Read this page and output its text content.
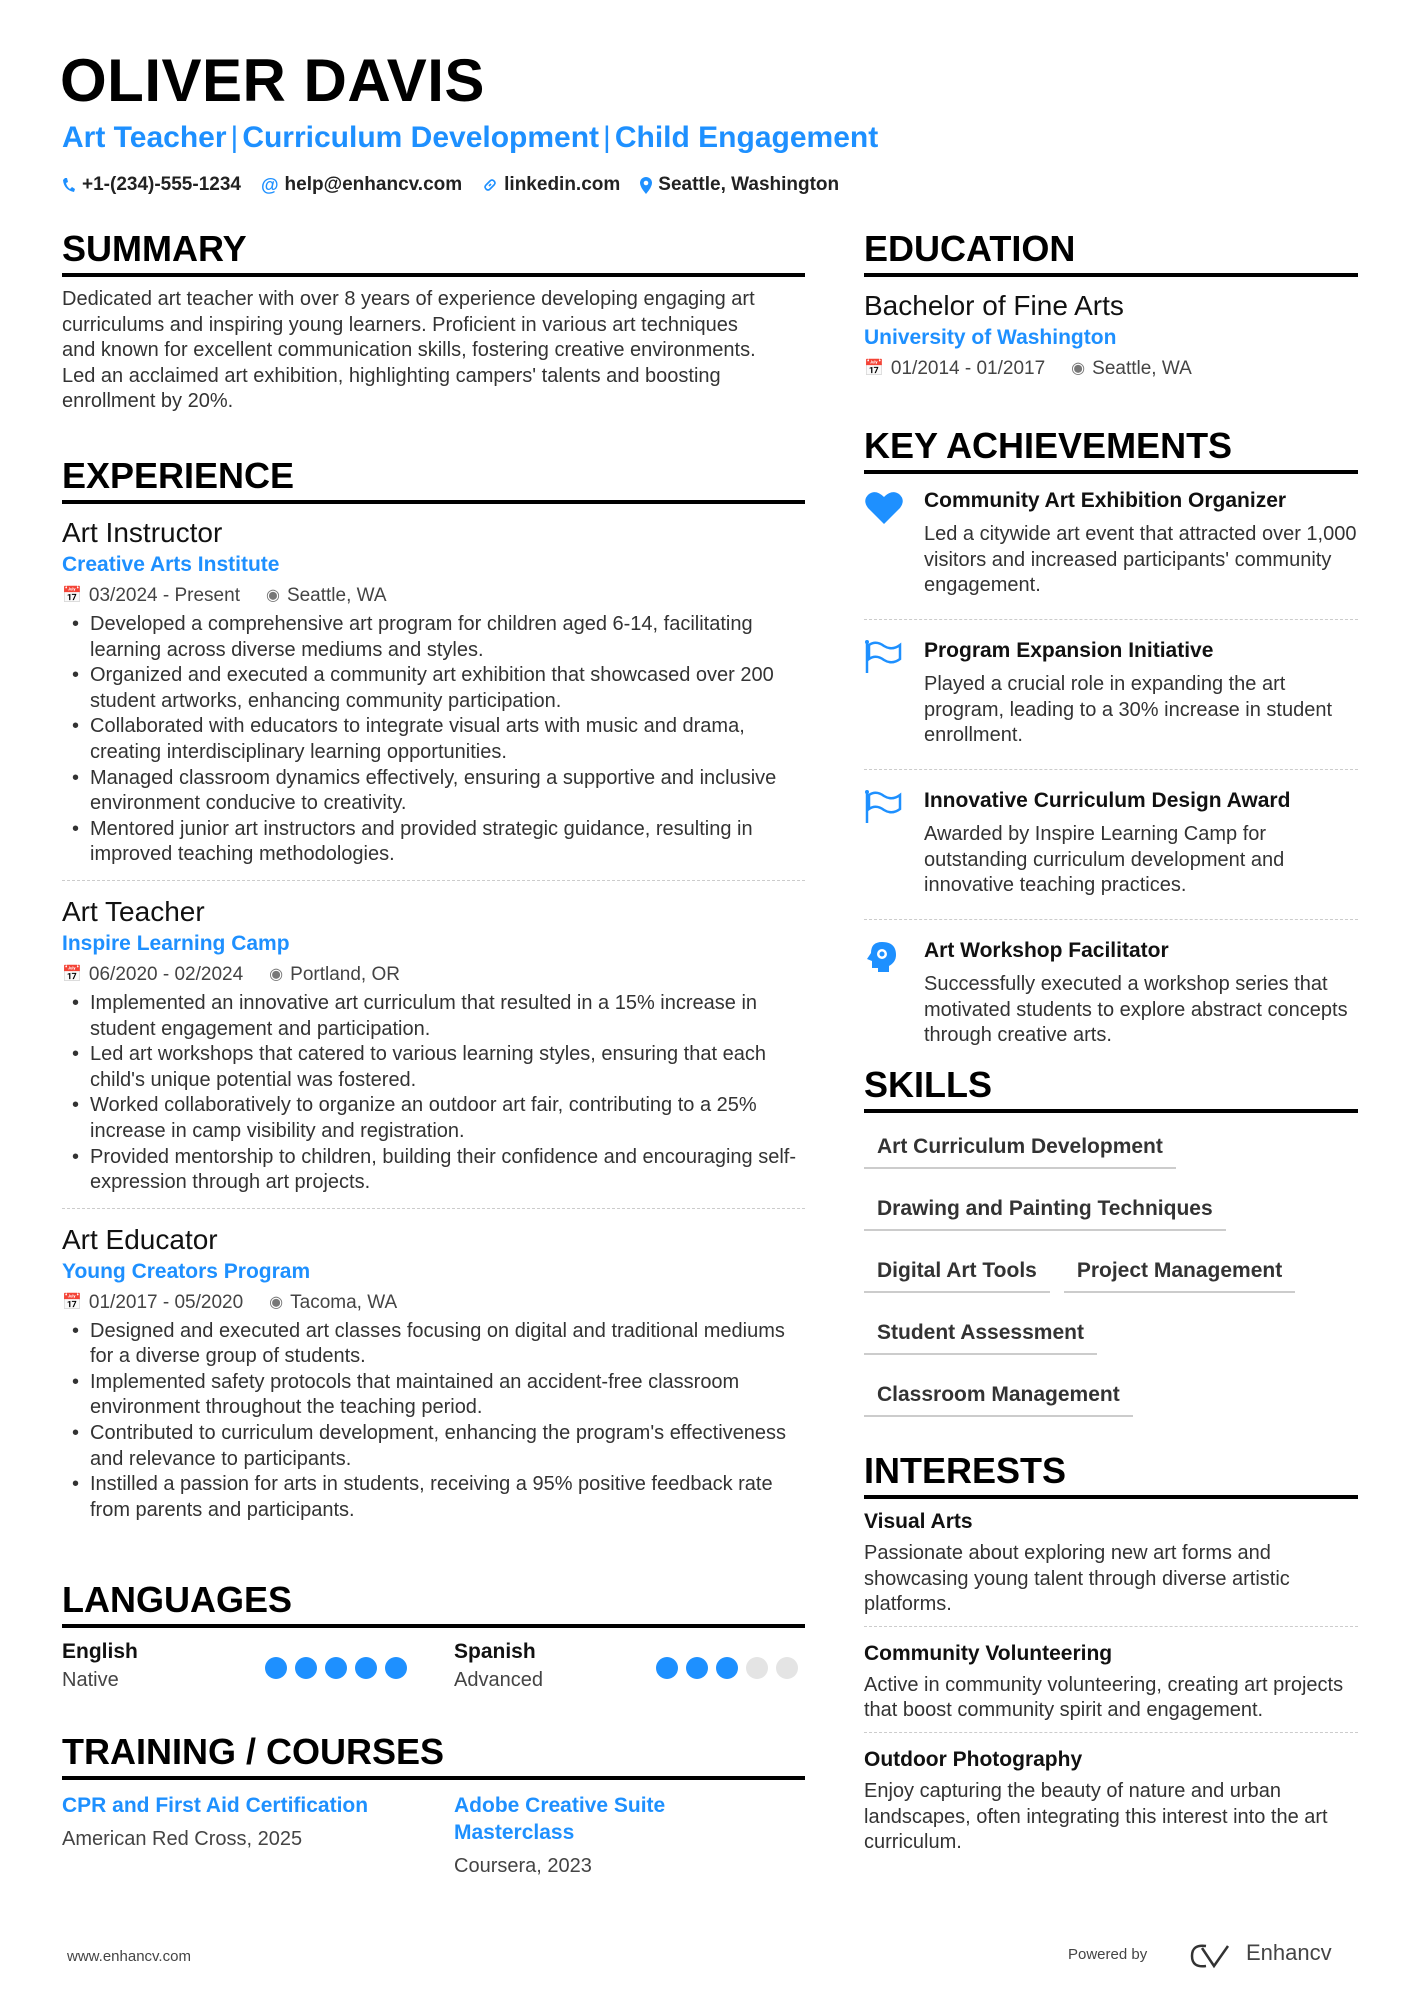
OLIVER DAVIS
Art Teacher | Curriculum Development | Child Engagement
+1-(234)-555-1234 @ help@enhancv.com linkedin.com Seattle, Washington
SUMMARY

Dedicated art teacher with over 8 years of experience developing engaging art curriculums and inspiring young learners. Proficient in various art techniques and known for excellent communication skills, fostering creative environments. Led an acclaimed art exhibition, highlighting campers' talents and boosting enrollment by 20%.

EXPERIENCE
Art Instructor
Creative Arts Institute
📅 03/2024 - Present ◉ Seattle, WA
• Developed a comprehensive art program for children aged 6-14, facilitating learning across diverse mediums and styles.
• Organized and executed a community art exhibition that showcased over 200 student artworks, enhancing community participation.
• Collaborated with educators to integrate visual arts with music and drama, creating interdisciplinary learning opportunities.
• Managed classroom dynamics effectively, ensuring a supportive and inclusive environment conducive to creativity.
• Mentored junior art instructors and provided strategic guidance, resulting in improved teaching methodologies.
Art Teacher
Inspire Learning Camp
📅 06/2020 - 02/2024 ◉ Portland, OR
• Implemented an innovative art curriculum that resulted in a 15% increase in student engagement and participation.
• Led art workshops that catered to various learning styles, ensuring that each child's unique potential was fostered.
• Worked collaboratively to organize an outdoor art fair, contributing to a 25% increase in camp visibility and registration.
• Provided mentorship to children, building their confidence and encouraging self-expression through art projects.
Art Educator
Young Creators Program
📅 01/2017 - 05/2020 ◉ Tacoma, WA
• Designed and executed art classes focusing on digital and traditional mediums for a diverse group of students.
• Implemented safety protocols that maintained an accident-free classroom environment throughout the teaching period.
• Contributed to curriculum development, enhancing the program's effectiveness and relevance to participants.
• Instilled a passion for arts in students, receiving a 95% positive feedback rate from parents and participants.
LANGUAGES
English
Native
Spanish
Advanced
TRAINING / COURSES
CPR and First Aid Certification
American Red Cross, 2025
Adobe Creative Suite Masterclass
Coursera, 2023
EDUCATION
Bachelor of Fine Arts
University of Washington
📅 01/2014 - 01/2017 ◉ Seattle, WA
KEY ACHIEVEMENTS
Community Art Exhibition Organizer
Led a citywide art event that attracted over 1,000 visitors and increased participants' community engagement.
Program Expansion Initiative
Played a crucial role in expanding the art program, leading to a 30% increase in student enrollment.
Innovative Curriculum Design Award
Awarded by Inspire Learning Camp for outstanding curriculum development and innovative teaching practices.
Art Workshop Facilitator
Successfully executed a workshop series that motivated students to explore abstract concepts through creative arts.
SKILLS
Art Curriculum Development
Drawing and Painting Techniques
Digital Art Tools	Project Management
Student Assessment
Classroom Management
INTERESTS
Visual Arts
Passionate about exploring new art forms and showcasing young talent through diverse artistic platforms.
Community Volunteering
Active in community volunteering, creating art projects that boost community spirit and engagement.
Outdoor Photography
Enjoy capturing the beauty of nature and urban landscapes, often integrating this interest into the art curriculum.
www.enhancv.com	Powered by	Enhancv
